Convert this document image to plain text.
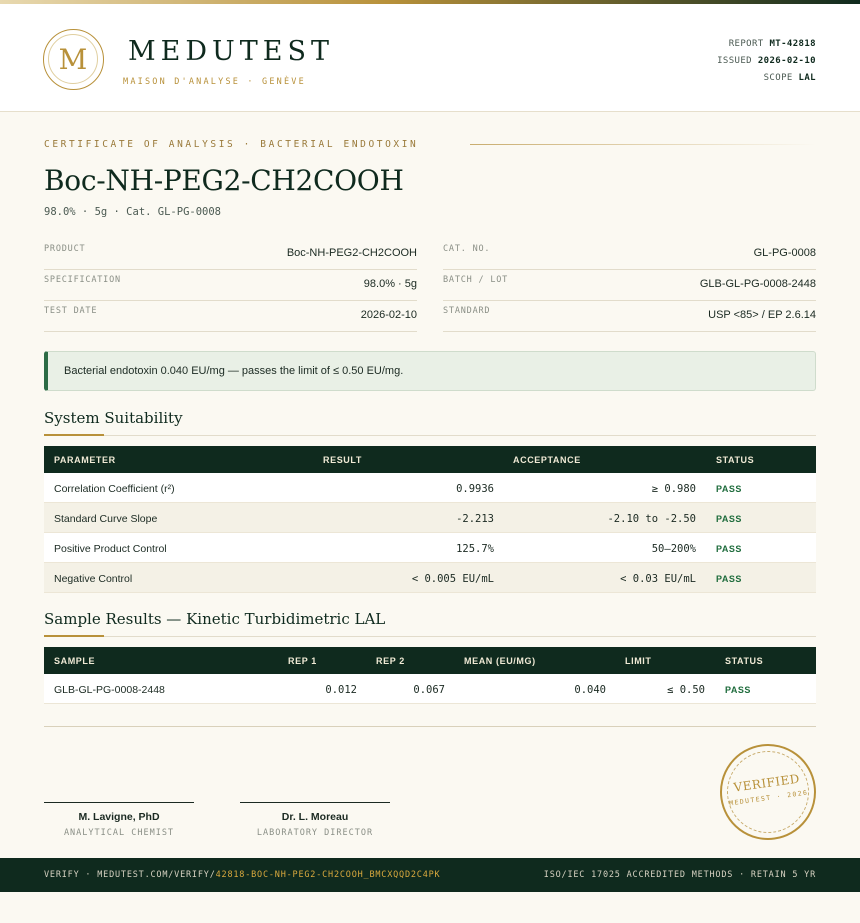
M	MEDUTEST
MAISON D'ANALYSE · GENÈVE
REPORT MT-42818
ISSUED 2026-02-10
SCOPE LAL
CERTIFICATE OF ANALYSIS · BACTERIAL ENDOTOXIN
Boc-NH-PEG2-CH2COOH
98.0% · 5g · Cat. GL-PG-0008
PRODUCT	Boc-NH-PEG2-CH2COOH
SPECIFICATION	98.0% · 5g
TEST DATE	2026-02-10
CAT. NO.	GL-PG-0008
BATCH / LOT	GLB-GL-PG-0008-2448
STANDARD	USP <85> / EP 2.6.14
Bacterial endotoxin 0.040 EU/mg — passes the limit of ≤ 0.50 EU/mg.
System Suitability
PARAMETER	RESULT	ACCEPTANCE	STATUS
Correlation Coefficient (r²)	0.9936	≥ 0.980 PASS
Standard Curve Slope	-2.213	-2.10 to -2.50 PASS
Positive Product Control	125.7%	50–200% PASS
Negative Control	< 0.005 EU/mL	< 0.03 EU/mL PASS
Sample Results — Kinetic Turbidimetric LAL
SAMPLE	REP 1	REP 2	MEAN (EU/MG)	LIMIT	STATUS
GLB-GL-PG-0008-2448	0.012	0.067	0.040	≤ 0.50 PASS
M. Lavigne, PhD
ANALYTICAL CHEMIST
Dr. L. Moreau
LABORATORY DIRECTOR
VERIFIED
MEDUTEST · 2026
VERIFY · MEDUTEST.COM/VERIFY/42818-BOC-NH-PEG2-CH2COOH_BMCXQQD2C4PK	ISO/IEC 17025 ACCREDITED METHODS · RETAIN 5 YR
